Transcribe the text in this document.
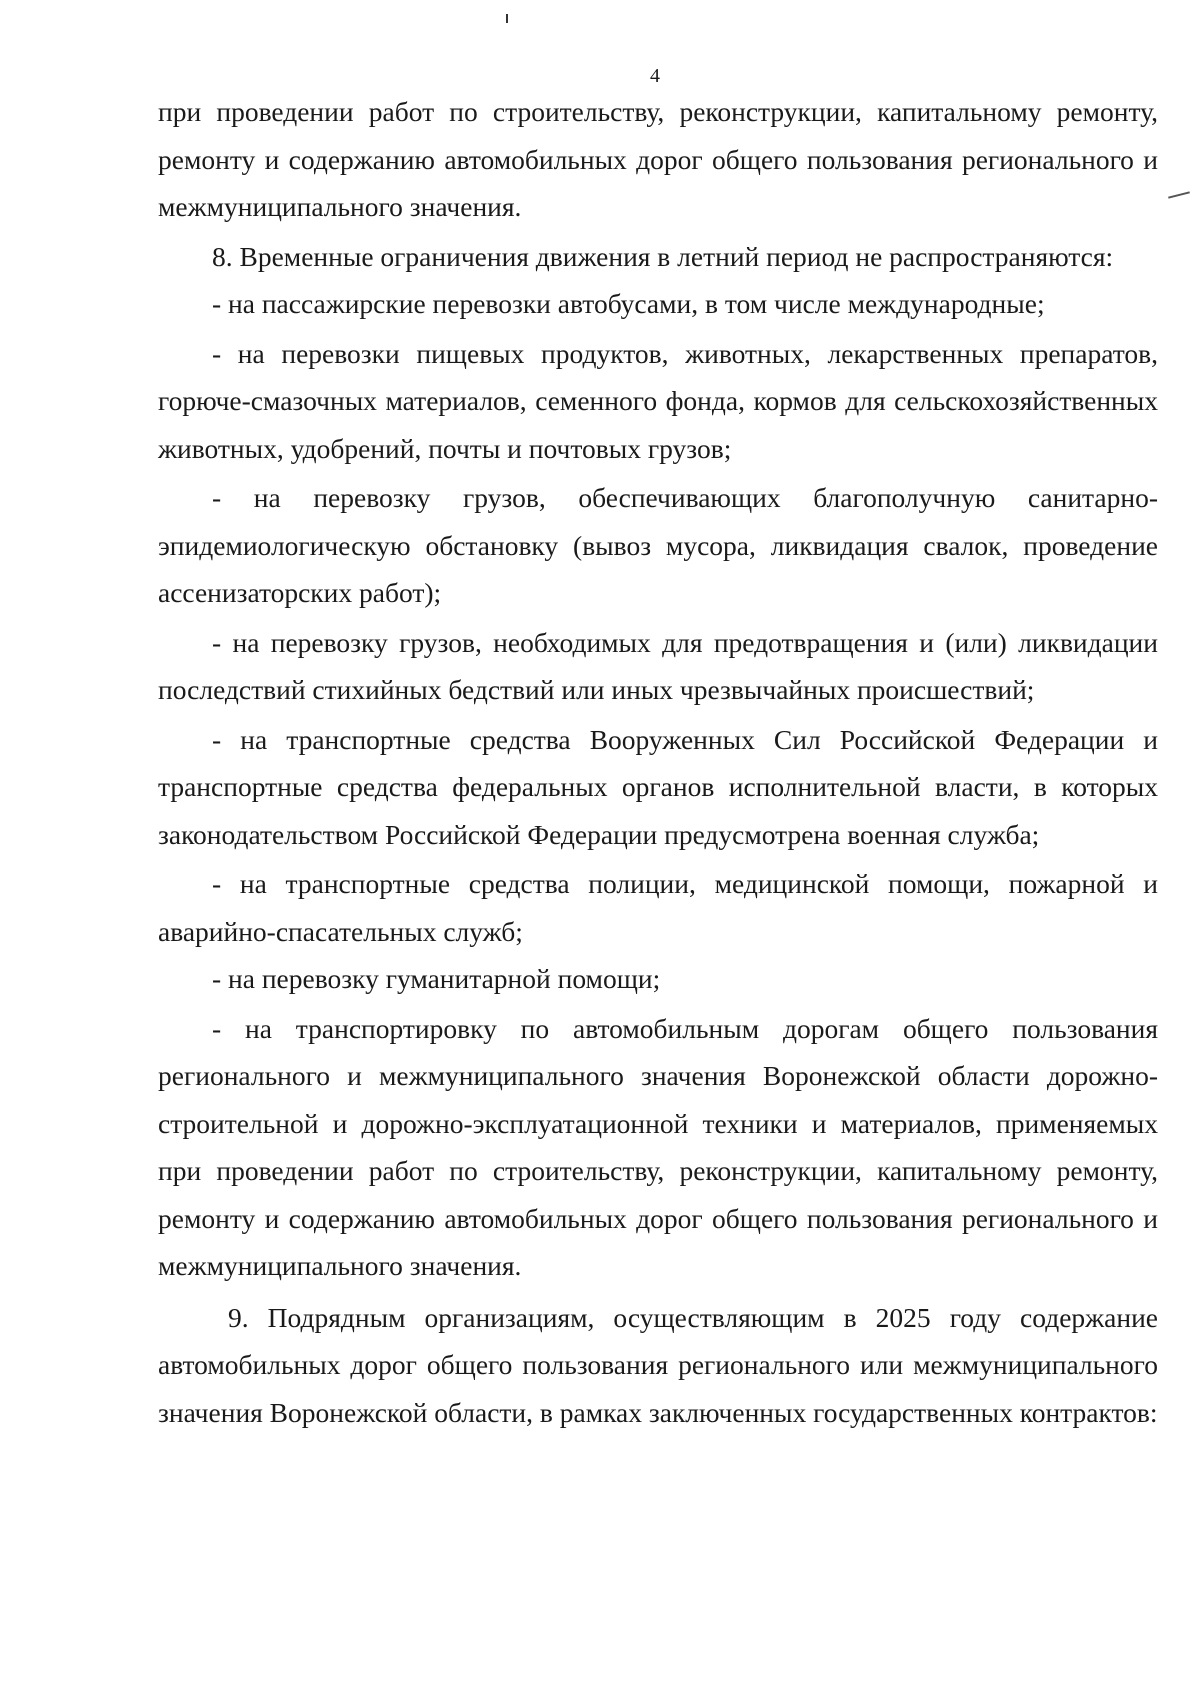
4

при проведении работ по строительству, реконструкции, капитальному ремонту, ремонту и содержанию автомобильных дорог общего пользования регионального и межмуниципального значения.

8. Временные ограничения движения в летний период не распространяются:

- на пассажирские перевозки автобусами, в том числе международные;

- на перевозки пищевых продуктов, животных, лекарственных препаратов, горюче-смазочных материалов, семенного фонда, кормов для сельскохозяйственных животных, удобрений, почты и почтовых грузов;

- на перевозку грузов, обеспечивающих благополучную санитарно-эпидемиологическую обстановку (вывоз мусора, ликвидация свалок, проведение ассенизаторских работ);

- на перевозку грузов, необходимых для предотвращения и (или) ликвидации последствий стихийных бедствий или иных чрезвычайных происшествий;

- на транспортные средства Вооруженных Сил Российской Федерации и транспортные средства федеральных органов исполнительной власти, в которых законодательством Российской Федерации предусмотрена военная служба;

- на транспортные средства полиции, медицинской помощи, пожарной и аварийно-спасательных служб;

- на перевозку гуманитарной помощи;

- на транспортировку по автомобильным дорогам общего пользования регионального и межмуниципального значения Воронежской области дорожно-строительной и дорожно-эксплуатационной техники и материалов, применяемых при проведении работ по строительству, реконструкции, капитальному ремонту, ремонту и содержанию автомобильных дорог общего пользования регионального и межмуниципального значения.

9. Подрядным организациям, осуществляющим в 2025 году содержание автомобильных дорог общего пользования регионального или межмуниципального значения Воронежской области, в рамках заключенных государственных контрактов:
